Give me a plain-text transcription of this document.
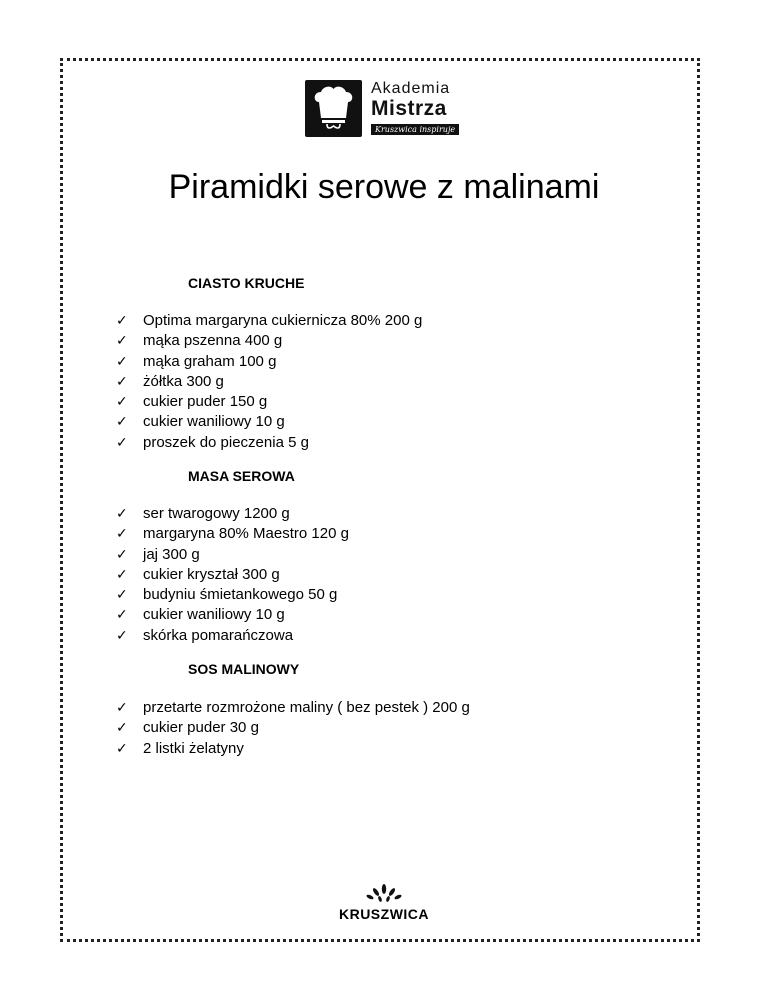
Akademia
Mistrza
Kruszwica inspiruje
Piramidki serowe z malinami
CIASTO KRUCHE
✓ Optima margaryna cukiernicza 80% 200 g
✓ mąka pszenna 400 g
✓ mąka graham 100 g
✓ żółtka 300 g
✓ cukier puder 150 g
✓ cukier waniliowy 10 g
✓ proszek do pieczenia 5 g
MASA SEROWA
✓ ser twarogowy 1200 g
✓ margaryna 80% Maestro 120 g
✓ jaj 300 g
✓ cukier kryształ 300 g
✓ budyniu śmietankowego 50 g
✓ cukier waniliowy 10 g
✓ skórka pomarańczowa
SOS MALINOWY
✓ przetarte rozmrożone maliny ( bez pestek ) 200 g
✓ cukier puder 30 g
✓ 2 listki żelatyny
KRUSZWICA
